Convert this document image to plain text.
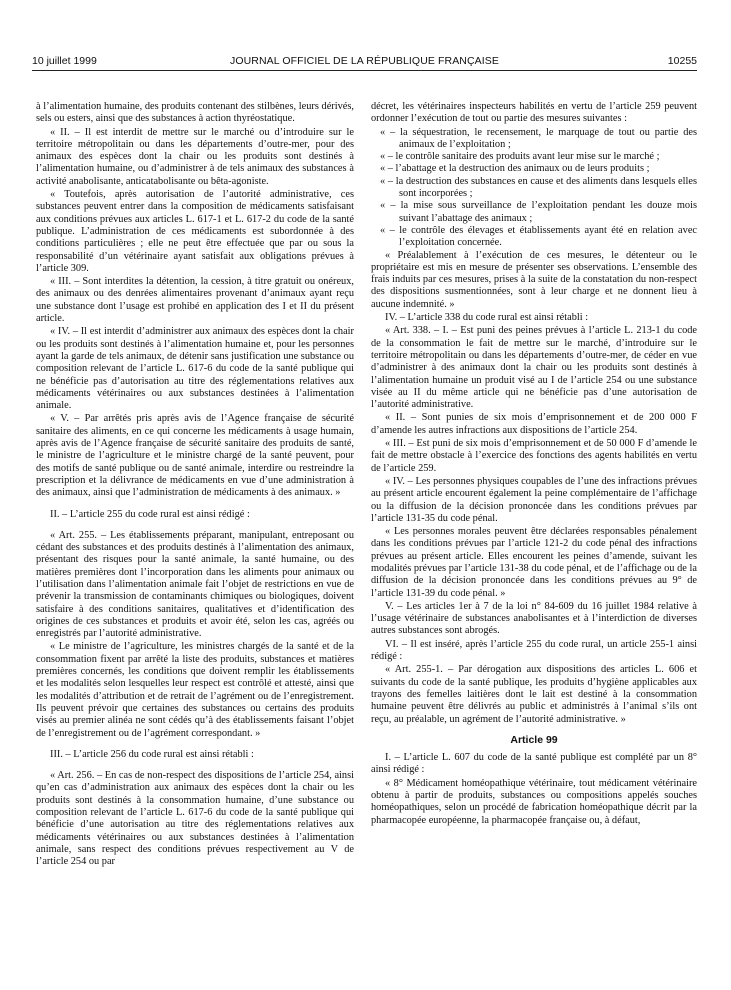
10 juillet 1999	JOURNAL OFFICIEL DE LA RÉPUBLIQUE FRANÇAISE	10255

à l’alimentation humaine, des produits contenant des stilbènes, leurs dérivés, sels ou esters, ainsi que des substances à action thyréostatique.

« II. – Il est interdit de mettre sur le marché ou d’introduire sur le territoire métropolitain ou dans les départements d’outre-mer, pour des animaux des espèces dont la chair ou les produits sont destinés à l’alimentation humaine, ou d’administrer à de tels animaux des substances à activité anabolisante, anticatabolisante ou bêta-agoniste.

« Toutefois, après autorisation de l’autorité administrative, ces substances peuvent entrer dans la composition de médicaments satisfaisant aux conditions prévues aux articles L. 617-1 et L. 617-2 du code de la santé publique. L’administration de ces médicaments est subordonnée à des conditions particulières ; elle ne peut être effectuée que par ou sous la responsabilité d’un vétérinaire ayant satisfait aux obligations prévues à l’article 309.

« III. – Sont interdites la détention, la cession, à titre gratuit ou onéreux, des animaux ou des denrées alimentaires provenant d’animaux ayant reçu une substance dont l’usage est prohibé en application des I et II du présent article.

« IV. – Il est interdit d’administrer aux animaux des espèces dont la chair ou les produits sont destinés à l’alimentation humaine et, pour les personnes ayant la garde de tels animaux, de détenir sans justification une substance ou composition relevant de l’article L. 617-6 du code de la santé publique qui ne bénéficie pas d’autorisation au titre des réglementations relatives aux médicaments vétérinaires ou aux substances destinées à l’alimentation animale.

« V. – Par arrêtés pris après avis de l’Agence française de sécurité sanitaire des aliments, en ce qui concerne les médicaments à usage humain, après avis de l’Agence française de sécurité sanitaire des produits de santé, le ministre de l’agriculture et le ministre chargé de la santé peuvent, pour des motifs de santé publique ou de santé animale, interdire ou restreindre la prescription et la délivrance de médicaments en vue d’une administration à des animaux, ainsi que l’administration de médicaments à des animaux. »

II. – L’article 255 du code rural est ainsi rédigé :

« Art. 255. – Les établissements préparant, manipulant, entreposant ou cédant des substances et des produits destinés à l’alimentation des animaux, présentant des risques pour la santé animale, la santé humaine, ou des matières premières dont l’incorporation dans les aliments pour animaux ou l’utilisation dans l’alimentation animale fait l’objet de restrictions en vue de prévenir la transmission de contaminants chimiques ou biologiques, doivent satisfaire à des conditions sanitaires, qualitatives et d’identification des origines de ces substances et produits et avoir été, selon les cas, agréés ou enregistrés par l’autorité administrative.

« Le ministre de l’agriculture, les ministres chargés de la santé et de la consommation fixent par arrêté la liste des produits, substances et matières premières concernés, les conditions que doivent remplir les établissements et les modalités selon lesquelles leur respect est contrôlé et attesté, ainsi que les modalités d’attribution et de retrait de l’agrément ou de l’enregistrement. Ils peuvent prévoir que certaines des substances ou certains des produits visés au premier alinéa ne sont cédés qu’à des établissements faisant l’objet de l’enregistrement ou de l’agrément correspondant. »

III. – L’article 256 du code rural est ainsi rétabli :

« Art. 256. – En cas de non-respect des dispositions de l’article 254, ainsi qu’en cas d’administration aux animaux des espèces dont la chair ou les produits sont destinés à la consommation humaine, d’une substance ou composition relevant de l’article L. 617-6 du code de la santé publique qui bénéficie d’une autorisation au titre des réglementations relatives aux médicaments vétérinaires ou aux substances destinées à l’alimentation animale, sans respect des conditions prévues respectivement au V de l’article 254 ou par

décret, les vétérinaires inspecteurs habilités en vertu de l’article 259 peuvent ordonner l’exécution de tout ou partie des mesures suivantes :

« – la séquestration, le recensement, le marquage de tout ou partie des animaux de l’exploitation ;
« – le contrôle sanitaire des produits avant leur mise sur le marché ;
« – l’abattage et la destruction des animaux ou de leurs produits ;
« – la destruction des substances en cause et des aliments dans lesquels elles sont incorporées ;
« – la mise sous surveillance de l’exploitation pendant les douze mois suivant l’abattage des animaux ;
« – le contrôle des élevages et établissements ayant été en relation avec l’exploitation concernée.

« Préalablement à l’exécution de ces mesures, le détenteur ou le propriétaire est mis en mesure de présenter ses observations. L’ensemble des frais induits par ces mesures, prises à la suite de la constatation du non-respect des dispositions susmentionnées, sont à leur charge et ne donnent lieu à aucune indemnité. »

IV. – L’article 338 du code rural est ainsi rétabli :

« Art. 338. – I. – Est puni des peines prévues à l’article L. 213-1 du code de la consommation le fait de mettre sur le marché, d’introduire sur le territoire métropolitain ou dans les départements d’outre-mer, de céder en vue d’administrer à des animaux dont la chair ou les produits sont destinés à l’alimentation humaine un produit visé au I de l’article 254 ou une substance visée au II du même article qui ne bénéficie pas d’une autorisation de l’autorité administrative.

« II. – Sont punies de six mois d’emprisonnement et de 200 000 F d’amende les autres infractions aux dispositions de l’article 254.

« III. – Est puni de six mois d’emprisonnement et de 50 000 F d’amende le fait de mettre obstacle à l’exercice des fonctions des agents habilités en vertu de l’article 259.

« IV. – Les personnes physiques coupables de l’une des infractions prévues au présent article encourent également la peine complémentaire de l’affichage ou la diffusion de la décision prononcée dans les conditions prévues par l’article 131-35 du code pénal.

« Les personnes morales peuvent être déclarées responsables pénalement dans les conditions prévues par l’article 121-2 du code pénal des infractions prévues au présent article. Elles encourent les peines d’amende, suivant les modalités prévues par l’article 131-38 du code pénal, et de l’affichage ou de la diffusion de la décision prononcée dans les conditions prévues au 9° de l’article 131-39 du code pénal. »

V. – Les articles 1er à 7 de la loi n° 84-609 du 16 juillet 1984 relative à l’usage vétérinaire de substances anabolisantes et à l’interdiction de diverses autres substances sont abrogés.

VI. – Il est inséré, après l’article 255 du code rural, un article 255-1 ainsi rédigé :

« Art. 255-1. – Par dérogation aux dispositions des articles L. 606 et suivants du code de la santé publique, les produits d’hygiène applicables aux trayons des femelles laitières dont le lait est destiné à la consommation humaine peuvent être délivrés au public et administrés à l’animal s’ils ont reçu, au préalable, un agrément de l’autorité administrative. »

Article 99

I. – L’article L. 607 du code de la santé publique est complété par un 8° ainsi rédigé :

« 8° Médicament homéopathique vétérinaire, tout médicament vétérinaire obtenu à partir de produits, substances ou compositions appelés souches homéopathiques, selon un procédé de fabrication homéopathique décrit par la pharmacopée européenne, la pharmacopée française ou, à défaut,
